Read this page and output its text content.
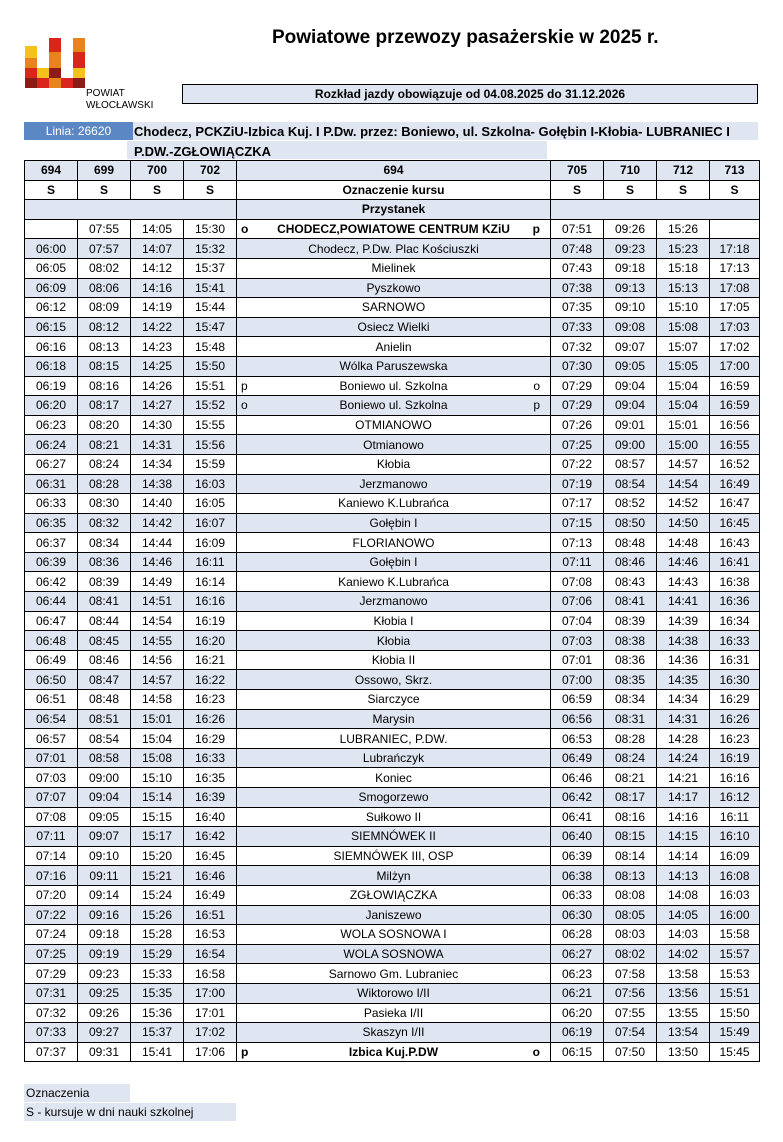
POWIAT
WŁOCŁAWSKI
Powiatowe przewozy pasażerskie w 2025 r.
Rozkład jazdy obowiązuje od 04.08.2025 do 31.12.2026
Linia: 26620	Chodecz, PCKZiU-Izbica Kuj. I P.Dw. przez: Boniewo, ul. Szkolna- Gołębin I-Kłobia- LUBRANIEC I P.DW.-ZGŁOWIĄCZKA
694	699	700	702	694	705	710	712	713
S	S	S	S	Oznaczenie kursu	S	S	S	S
				Przystanek				
	07:55	14:05	15:30	o CHODECZ,POWIATOWE CENTRUM KZiU p	07:51	09:26	15:26	
06:00	07:57	14:07	15:32	Chodecz, P.Dw. Plac Kościuszki	07:48	09:23	15:23	17:18
06:05	08:02	14:12	15:37	Mielinek	07:43	09:18	15:18	17:13
06:09	08:06	14:16	15:41	Pyszkowo	07:38	09:13	15:13	17:08
06:12	08:09	14:19	15:44	SARNOWO	07:35	09:10	15:10	17:05
06:15	08:12	14:22	15:47	Osiecz Wielki	07:33	09:08	15:08	17:03
06:16	08:13	14:23	15:48	Anielin	07:32	09:07	15:07	17:02
06:18	08:15	14:25	15:50	Wólka Paruszewska	07:30	09:05	15:05	17:00
06:19	08:16	14:26	15:51	p Boniewo ul. Szkolna o	07:29	09:04	15:04	16:59
06:20	08:17	14:27	15:52	o Boniewo ul. Szkolna p	07:29	09:04	15:04	16:59
06:23	08:20	14:30	15:55	OTMIANOWO	07:26	09:01	15:01	16:56
06:24	08:21	14:31	15:56	Otmianowo	07:25	09:00	15:00	16:55
06:27	08:24	14:34	15:59	Kłobia	07:22	08:57	14:57	16:52
06:31	08:28	14:38	16:03	Jerzmanowo	07:19	08:54	14:54	16:49
06:33	08:30	14:40	16:05	Kaniewo K.Lubrańca	07:17	08:52	14:52	16:47
06:35	08:32	14:42	16:07	Gołębin I	07:15	08:50	14:50	16:45
06:37	08:34	14:44	16:09	FLORIANOWO	07:13	08:48	14:48	16:43
06:39	08:36	14:46	16:11	Gołębin I	07:11	08:46	14:46	16:41
06:42	08:39	14:49	16:14	Kaniewo K.Lubrańca	07:08	08:43	14:43	16:38
06:44	08:41	14:51	16:16	Jerzmanowo	07:06	08:41	14:41	16:36
06:47	08:44	14:54	16:19	Kłobia I	07:04	08:39	14:39	16:34
06:48	08:45	14:55	16:20	Kłobia	07:03	08:38	14:38	16:33
06:49	08:46	14:56	16:21	Kłobia II	07:01	08:36	14:36	16:31
06:50	08:47	14:57	16:22	Ossowo, Skrz.	07:00	08:35	14:35	16:30
06:51	08:48	14:58	16:23	Siarczyce	06:59	08:34	14:34	16:29
06:54	08:51	15:01	16:26	Marysin	06:56	08:31	14:31	16:26
06:57	08:54	15:04	16:29	LUBRANIEC, P.DW.	06:53	08:28	14:28	16:23
07:01	08:58	15:08	16:33	Lubrańczyk	06:49	08:24	14:24	16:19
07:03	09:00	15:10	16:35	Koniec	06:46	08:21	14:21	16:16
07:07	09:04	15:14	16:39	Smogorzewo	06:42	08:17	14:17	16:12
07:08	09:05	15:15	16:40	Sułkowo II	06:41	08:16	14:16	16:11
07:11	09:07	15:17	16:42	SIEMNÓWEK II	06:40	08:15	14:15	16:10
07:14	09:10	15:20	16:45	SIEMNÓWEK III, OSP	06:39	08:14	14:14	16:09
07:16	09:11	15:21	16:46	Milżyn	06:38	08:13	14:13	16:08
07:20	09:14	15:24	16:49	ZGŁOWIĄCZKA	06:33	08:08	14:08	16:03
07:22	09:16	15:26	16:51	Janiszewo	06:30	08:05	14:05	16:00
07:24	09:18	15:28	16:53	WOLA SOSNOWA I	06:28	08:03	14:03	15:58
07:25	09:19	15:29	16:54	WOLA SOSNOWA	06:27	08:02	14:02	15:57
07:29	09:23	15:33	16:58	Sarnowo Gm. Lubraniec	06:23	07:58	13:58	15:53
07:31	09:25	15:35	17:00	Wiktorowo I/II	06:21	07:56	13:56	15:51
07:32	09:26	15:36	17:01	Pasieka I/II	06:20	07:55	13:55	15:50
07:33	09:27	15:37	17:02	Skaszyn I/II	06:19	07:54	13:54	15:49
07:37	09:31	15:41	17:06	p Izbica Kuj.P.DW o	06:15	07:50	13:50	15:45
Oznaczenia
S - kursuje w dni nauki szkolnej
